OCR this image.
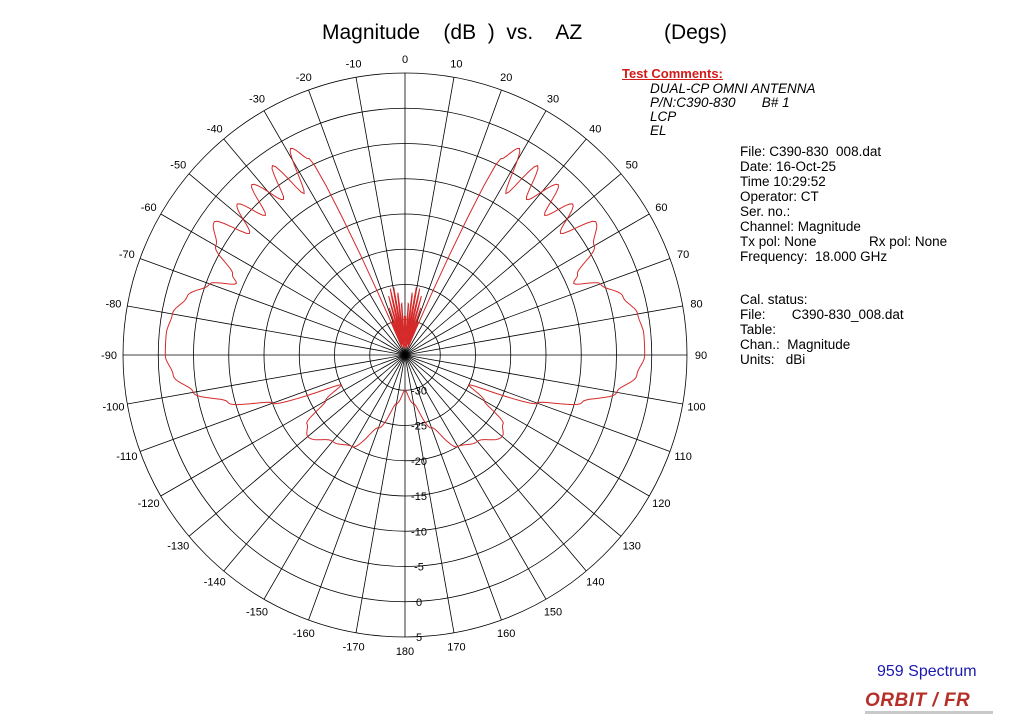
-170
-160
-150
-140
-130
-120
-110
-100
-90
-80
-70
-60
-50
-40
-30
-20
-10	0	10
20
30
40
50
60
70
80
90
100
110
120
130
140
150
160
170
180
-30
-25
-20
-15
-10
-5
0
5
Magnitude    (dB  )  vs.    AZ              (Degs)
Test Comments:
DUAL-CP OMNI ANTENNA
P/N:C390-830       B# 1
LCP
EL
File: C390-830  008.dat
Date: 16-Oct-25
Time 10:29:52
Operator: CT
Ser. no.:
Channel: Magnitude
Tx pol: None              Rx pol: None
Frequency:  18.000 GHz
Cal. status:
File:       C390-830_008.dat
Table:
Chan.:  Magnitude
Units:   dBi
959 Spectrum
ORBIT / FR
